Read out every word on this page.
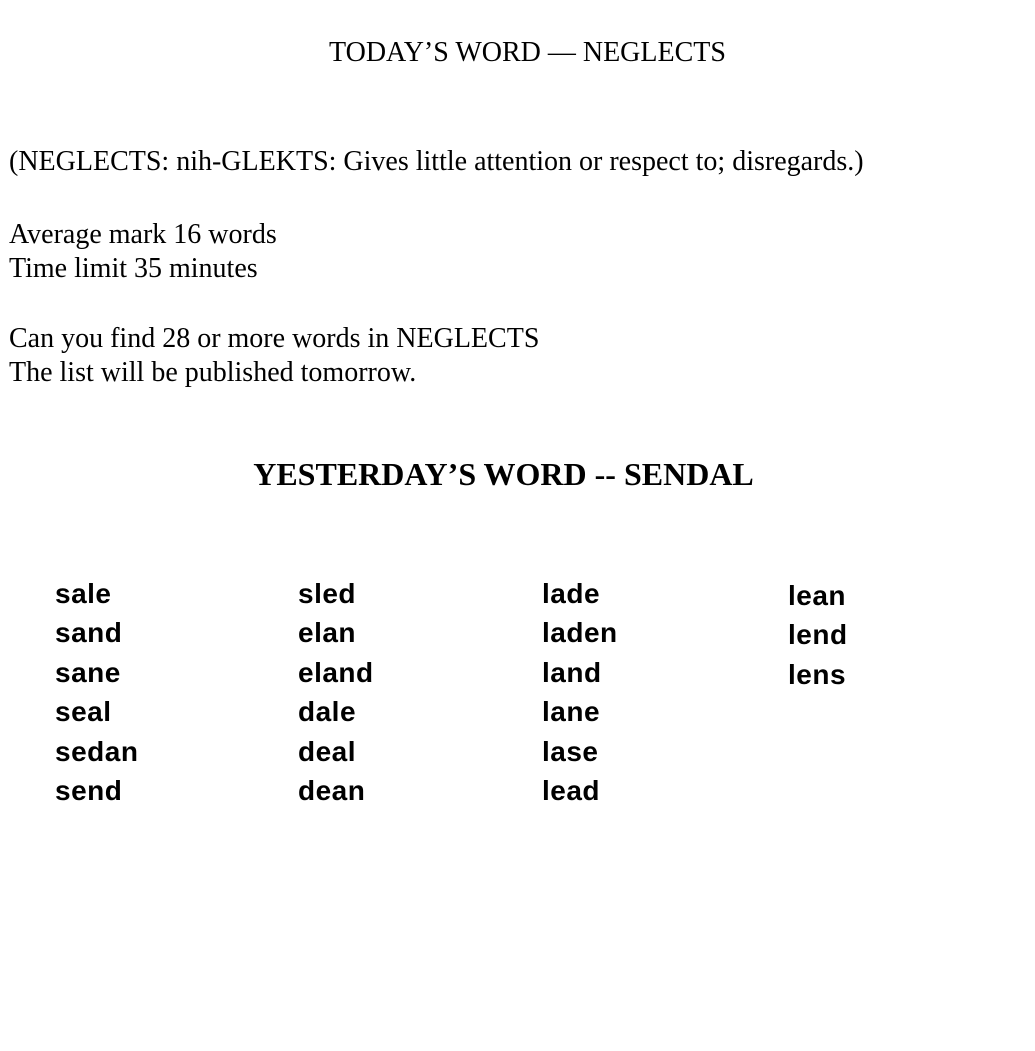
TODAY’S WORD — NEGLECTS
(NEGLECTS: nih-GLEKTS: Gives little attention or respect to; disregards.)
Average mark 16 words
Time limit 35 minutes
Can you find 28 or more words in NEGLECTS
The list will be published tomorrow.
YESTERDAY’S WORD -- SENDAL
sale
sand
sane
seal
sedan
send
sled
elan
eland
dale
deal
dean
lade
laden
land
lane
lase
lead
lean
lend
lens
